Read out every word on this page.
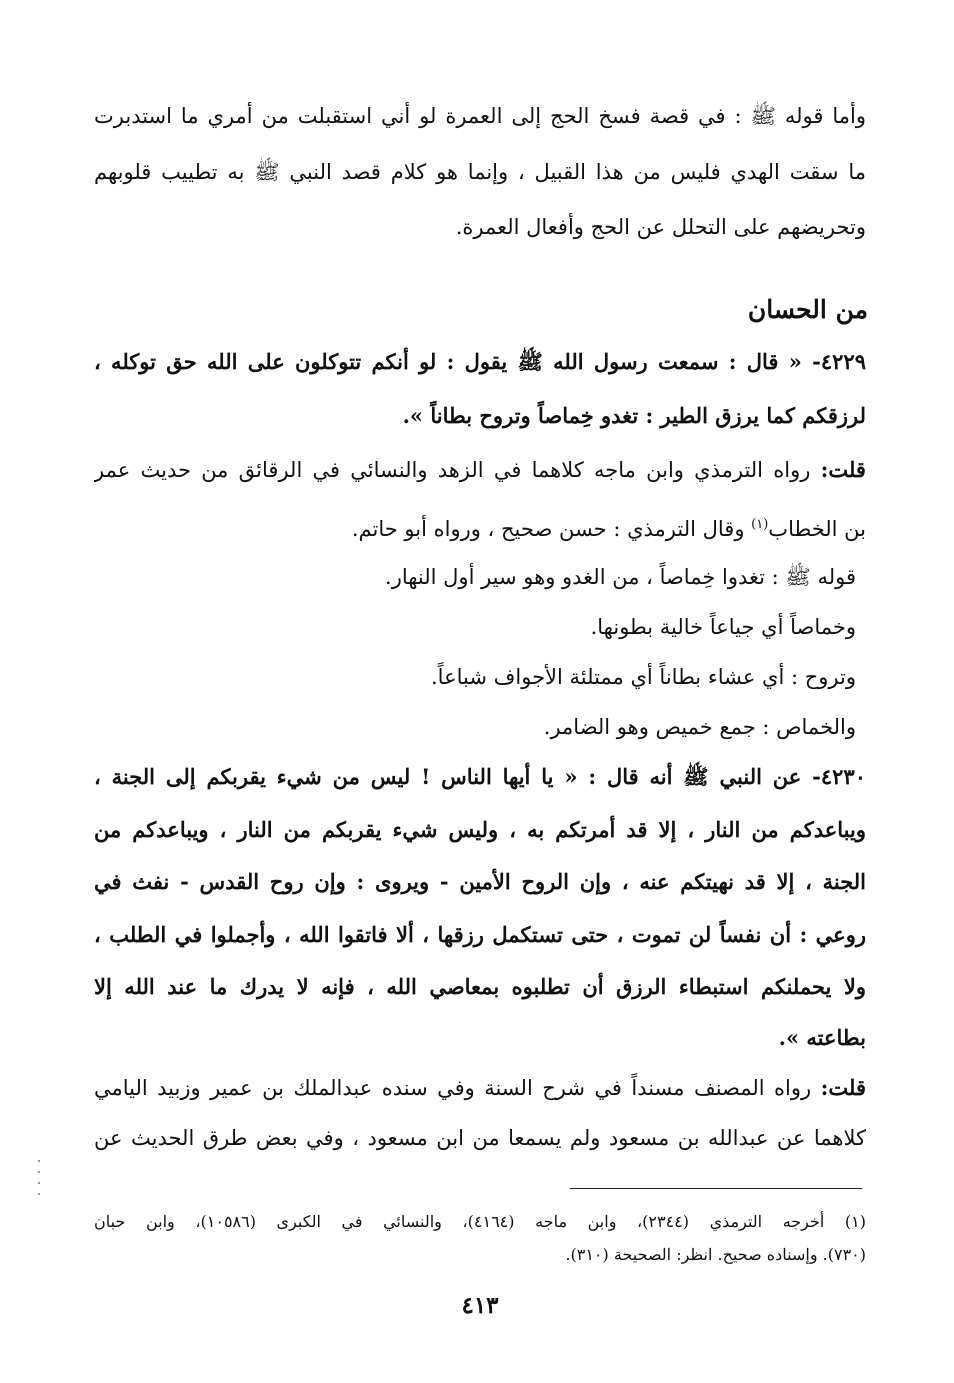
وأما قوله ﷺ : في قصة فسخ الحج إلى العمرة لو أني استقبلت من أمري ما استدبرت
ما سقت الهدي فليس من هذا القبيل ، وإنما هو كلام قصد النبي ﷺ به تطييب قلوبهم
وتحريضهم على التحلل عن الحج وأفعال العمرة.
من الحسان
٤٢٢٩- « قال : سمعت رسول الله ﷺ يقول : لو أنكم تتوكلون على الله حق توكله ،
لرزقكم كما يرزق الطير : تغدو خِماصاً وتروح بطاناً ».
قلت: رواه الترمذي وابن ماجه كلاهما في الزهد والنسائي في الرقائق من حديث عمر
بن الخطاب$^{(١)}$ وقال الترمذي : حسن صحيح ، ورواه أبو حاتم.
قوله ﷺ : تغدوا خِماصاً ، من الغدو وهو سير أول النهار.
وخماصاً أي جياعاً خالية بطونها.
وتروح : أي عشاء بطاناً أي ممتلئة الأجواف شباعاً.
والخماص : جمع خميص وهو الضامر.
٤٢٣٠- عن النبي ﷺ أنه قال : « يا أيها الناس ! ليس من شيء يقربكم إلى الجنة ،
ويباعدكم من النار ، إلا قد أمرتكم به ، وليس شيء يقربكم من النار ، ويباعدكم من
الجنة ، إلا قد نهيتكم عنه ، وإن الروح الأمين - ويروى : وإن روح القدس - نفث في
روعي : أن نفساً لن تموت ، حتى تستكمل رزقها ، ألا فاتقوا الله ، وأجملوا في الطلب ،
ولا يحملنكم استبطاء الرزق أن تطلبوه بمعاصي الله ، فإنه لا يدرك ما عند الله إلا
بطاعته ».
قلت: رواه المصنف مسنداً في شرح السنة وفي سنده عبدالملك بن عمير وزبيد اليامي
كلاهما عن عبدالله بن مسعود ولم يسمعا من ابن مسعود ، وفي بعض طرق الحديث عن
(١) أخرجه الترمذي (٢٣٤٤)، وابن ماجه (٤١٦٤)، والنسائي في الكبرى (١٠٥٨٦)، وابن حبان
(٧٣٠). وإسناده صحيح. انظر: الصحيحة (٣١٠).
٤١٣
